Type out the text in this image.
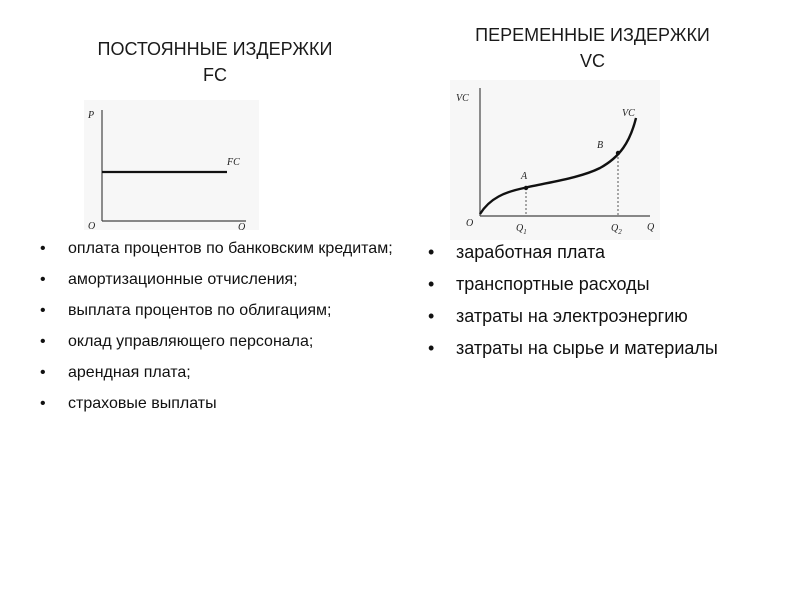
ПОСТОЯННЫЕ ИЗДЕРЖКИ
FC
ПЕРЕМЕННЫЕ ИЗДЕРЖКИ
VC
P
Q
O
FC
VC
Q
O
VC
A
B
$Q_1$	$Q_2$
• оплата процентов по банковским кредитам;
• амортизационные отчисления;
• выплата процентов по облигациям;
• оклад управляющего персонала;
• арендная плата;
• страховые выплаты
• заработная плата
• транспортные расходы
• затраты на электроэнергию
• затраты на сырье и материалы
